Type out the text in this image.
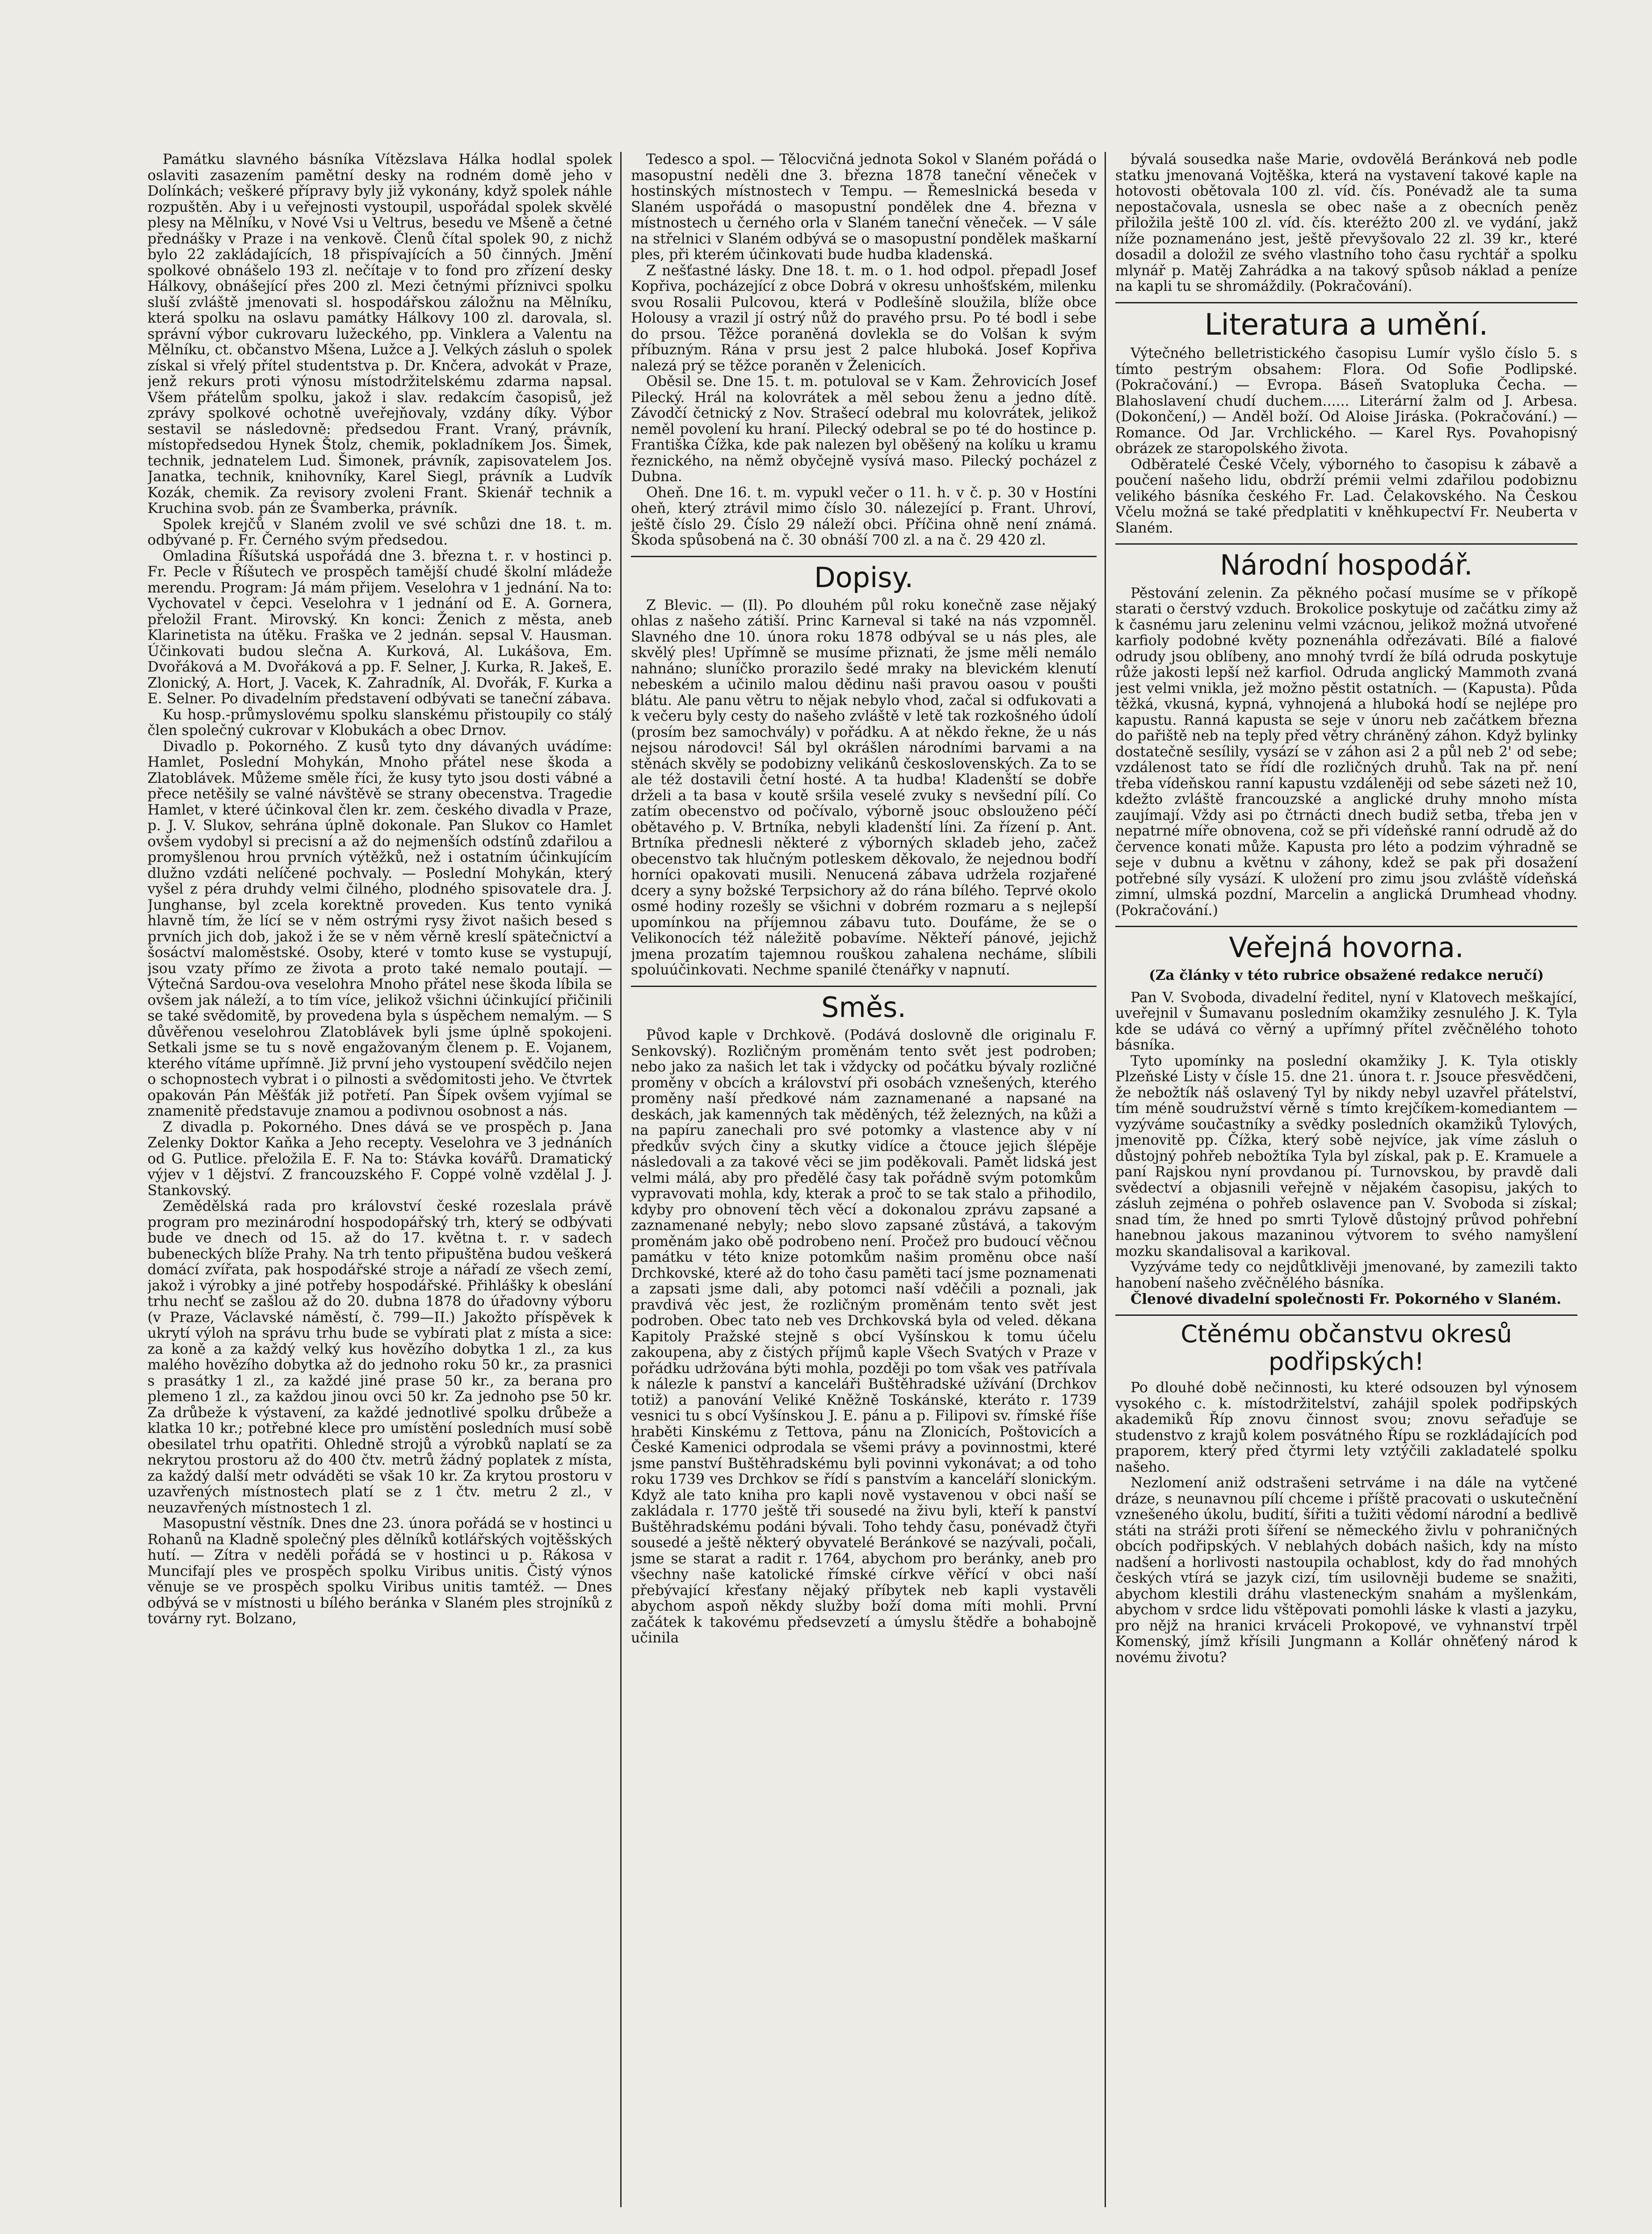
Památku slavného básníka Vítězslava Hálka hodlal spolek oslaviti zasazením pamětní desky na rodném domě jeho v Dolínkách; veškeré přípravy byly již vykonány, když spolek náhle rozpuštěn. Aby i u veřejnosti vystoupil, uspořádal spolek skvělé plesy na Mělníku, v Nové Vsi u Veltrus, besedu ve Mšeně a četné přednášky v Praze i na venkově. Členů čítal spolek 90, z nichž bylo 22 zakládajících, 18 přispívajících a 50 činných. Jmění spolkové obnášelo 193 zl. nečítaje v to fond pro zřízení desky Hálkovy, obnášející přes 200 zl. Mezi četnými příznivci spolku sluší zvláště jmenovati sl. hospodářskou záložnu na Mělníku, která spolku na oslavu památky Hálkovy 100 zl. darovala, sl. správní výbor cukrovaru lužeckého, pp. Vinklera a Valentu na Mělníku, ct. občanstvo Mšena, Lužce a J. Velkých zásluh o spolek získal si vřelý přítel studentstva p. Dr. Knčera, advokát v Praze, jenž rekurs proti výnosu místodržitelskému zdarma napsal. Všem přátelům spolku, jakož i slav. redakcím časopisů, jež zprávy spolkové ochotně uveřejňovaly, vzdány díky. Výbor sestavil se následovně: předsedou Frant. Vraný, právník, místopředsedou Hynek Štolz, chemik, pokladníkem Jos. Šimek, technik, jednatelem Lud. Šimonek, právník, zapisovatelem Jos. Janatka, technik, knihovníky, Karel Siegl, právník a Ludvík Kozák, chemik. Za revisory zvoleni Frant. Skienář technik a Kruchina svob. pán ze Švamberka, právník.

Spolek krejčů v Slaném zvolil ve své schůzi dne 18. t. m. odbývané p. Fr. Černého svým předsedou.

Omladina Říšutská uspořádá dne 3. března t. r. v hostinci p. Fr. Pecle v Říšutech ve prospěch tamější chudé školní mládeže merendu. Program: Já mám přijem. Veselohra v 1 jednání. Na to: Vychovatel v čepci. Veselohra v 1 jednání od E. A. Gornera, přeložil Frant. Mirovský. Kn konci: Ženich z města, aneb Klarinetista na útěku. Fraška ve 2 jednán. sepsal V. Hausman. Účinkovati budou slečna A. Kurková, Al. Lukášova, Em. Dvořáková a M. Dvořáková a pp. F. Selner, J. Kurka, R. Jakeš, E. Zlonický, A. Hort, J. Vacek, K. Zahradník, Al. Dvořák, F. Kurka a E. Selner. Po divadelním představení odbývati se taneční zábava.

Ku hosp.-průmyslovému spolku slanskému přistoupily co stálý člen společný cukrovar v Klobukách a obec Drnov.

Divadlo p. Pokorného. Z kusů tyto dny dávaných uvádíme: Hamlet, Poslední Mohykán, Mnoho přátel nese škoda a Zlatoblávek. Můžeme směle říci, že kusy tyto jsou dosti vábné a přece netěšily se valné návštěvě se strany obecenstva. Tragedie Hamlet, v které účinkoval člen kr. zem. českého divadla v Praze, p. J. V. Slukov, sehrána úplně dokonale. Pan Slukov co Hamlet ovšem vydobyl si precisní a až do nejmenších odstínů zdařilou a promyšlenou hrou prvních výtěžků, než i ostatním účinkujícím dlužno vzdáti nelíčené pochvaly. — Poslední Mohykán, který vyšel z péra druhdy velmi čilného, plodného spisovatele dra. J. Junghanse, byl zcela korektně proveden. Kus tento vyniká hlavně tím, že lící se v něm ostrými rysy život našich besed s prvních jich dob, jakož i že se v něm věrně kreslí spätečnictví a šosáctví maloměstské. Osoby, které v tomto kuse se vystupují, jsou vzaty přímo ze života a proto také nemalo poutají. — Výtečná Sardou-ova veselohra Mnoho přátel nese škoda líbila se ovšem jak náleží, a to tím více, jelikož všichni účinkující přičinili se také svědomitě, by provedena byla s úspěchem nemalým. — S důvěřenou veselohrou Zlatoblávek byli jsme úplně spokojeni. Setkali jsme se tu s nově engažovaným členem p. E. Vojanem, kterého vítáme upřímně. Již první jeho vystoupení svědčilo nejen o schopnostech vybrat i o pilnosti a svědomitosti jeho. Ve čtvrtek opakován Pán Měšťák již potřetí. Pan Šípek ovšem vyjímal se znamenitě představuje znamou a podivnou osobnost a nás.

Z divadla p. Pokorného. Dnes dává se ve prospěch p. Jana Zelenky Doktor Kaňka a Jeho recepty. Veselohra ve 3 jednáních od G. Putlice. přeložila E. F. Na to: Stávka kovářů. Dramatický výjev v 1 dějství. Z francouzského F. Coppé volně vzdělal J. J. Stankovský.

Zemědělská rada pro království české rozeslala právě program pro mezinárodní hospodopářský trh, který se odbývati bude ve dnech od 15. až do 17. května t. r. v sadech bubeneckých blíže Prahy. Na trh tento připuštěna budou veškerá domácí zvířata, pak hospodářské stroje a nářadí ze všech zemí, jakož i výrobky a jiné potřeby hospodářské. Přihlášky k obeslání trhu nechť se zašlou až do 20. dubna 1878 do úřadovny výboru (v Praze, Václavské náměstí, č. 799—II.) Jakožto příspěvek k ukrytí výloh na správu trhu bude se vybírati plat z místa a sice: za koně a za každý velký kus hovězího dobytka 1 zl., za kus malého hovězího dobytka až do jednoho roku 50 kr., za prasnici s prasátky 1 zl., za každé jiné prase 50 kr., za berana pro plemeno 1 zl., za každou jinou ovci 50 kr. Za jednoho pse 50 kr. Za drůbeže k výstavení, za každé jednotlivé spolku drůbeže a klatka 10 kr.; potřebné klece pro umístění posledních musí sobě obesilatel trhu opatřiti. Ohledně strojů a výrobků naplatí se za nekrytou prostoru až do 400 čtv. metrů žádný poplatek z místa, za každý další metr odváděti se však 10 kr. Za krytou prostoru v uzavřených místnostech platí se z 1 čtv. metru 2 zl., v neuzavřených místnostech 1 zl.

Masopustní věstník. Dnes dne 23. února pořádá se v hostinci u Rohanů na Kladně společný ples dělníků kotlářských vojtěšských hutí. — Zítra v neděli pořádá se v hostinci u p. Rákosa v Muncifají ples ve prospěch spolku Viribus unitis. Čistý výnos věnuje se ve prospěch spolku Viribus unitis tamtéž. — Dnes odbývá se v místnosti u bílého beránka v Slaném ples strojníků z továrny ryt. Bolzano,

Tedesco a spol. — Tělocvičná jednota Sokol v Slaném pořádá o masopustní neděli dne 3. března 1878 taneční věneček v hostinských místnostech v Tempu. — Řemeslnická beseda v Slaném uspořádá o masopustní pondělek dne 4. března v místnostech u černého orla v Slaném taneční věneček. — V sále na střelnici v Slaném odbývá se o masopustní pondělek maškarní ples, při kterém účinkovati bude hudba kladenská.

Z nešťastné lásky. Dne 18. t. m. o 1. hod odpol. přepadl Josef Kopřiva, pocházející z obce Dobrá v okresu unhošťském, milenku svou Rosalii Pulcovou, která v Podlešíně sloužila, blíže obce Holousy a vrazil jí ostrý nůž do pravého prsu. Po té bodl i sebe do prsou. Těžce poraněná dovlekla se do Volšan k svým příbuzným. Rána v prsu jest 2 palce hluboká. Josef Kopřiva nalezá prý se těžce poraněn v Želenicích.

Oběsil se. Dne 15. t. m. potuloval se v Kam. Žehrovicích Josef Pilecký. Hrál na kolovrátek a měl sebou ženu a jedno dítě. Závodčí četnický z Nov. Strašecí odebral mu kolovrátek, jelikož neměl povolení ku hraní. Pilecký odebral se po té do hostince p. Františka Čížka, kde pak nalezen byl oběšený na kolíku u kramu řeznického, na němž obyčejně vysívá maso. Pilecký pocházel z Dubna.

Oheň. Dne 16. t. m. vypukl večer o 11. h. v č. p. 30 v Hostíni oheň, který ztrávil mimo číslo 30. nálezející p. Frant. Uhroví, ještě číslo 29. Číslo 29 náleží obci. Příčina ohně není známá. Škoda spůsobená na č. 30 obnáší 700 zl. a na č. 29 420 zl.

Dopisy.

Z Blevic. — (Il). Po dlouhém půl roku konečně zase nějaký ohlas z našeho zátiší. Princ Karneval si také na nás vzpomněl. Slavného dne 10. února roku 1878 odbýval se u nás ples, ale skvělý ples! Upřímně se musíme přiznati, že jsme měli nemálo nahnáno; sluníčko prorazilo šedé mraky na blevickém klenutí nebeském a učinilo malou dědinu naši pravou oasou v poušti blátu. Ale panu větru to nějak nebylo vhod, začal si odfukovati a k večeru byly cesty do našeho zvláště v letě tak rozkošného údolí (prosím bez samochvály) v pořádku. A at někdo řekne, že u nás nejsou národovci! Sál byl okrášlen národními barvami a na stěnách skvěly se podobizny velikánů československých. Za to se ale též dostavili četní hosté. A ta hudba! Kladenští se dobře drželi a ta basa v koutě sršila veselé zvuky s nevšední pílí. Co zatím obecenstvo od počívalo, výborně jsouc obslouženo péčí obětavého p. V. Brtníka, nebyli kladenští líni. Za řízení p. Ant. Brtníka přednesli některé z výborných skladeb jeho, začež obecenstvo tak hlučným potleskem děkovalo, že nejednou bodří horníci opakovati musili. Nenucená zábava udržela rozjařené dcery a syny božské Terpsichory až do rána bílého. Teprvé okolo osmé hodiny rozešly se všichni v dobrém rozmaru a s nejlepší upomínkou na příjemnou zábavu tuto. Doufáme, že se o Velikonocích též náležitě pobavíme. Někteří pánové, jejichž jmena prozatím tajemnou rouškou zahalena necháme, slíbili spoluúčinkovati. Nechme spanilé čtenářky v napnutí.

Směs.

Původ kaple v Drchkově. (Podává doslovně dle originalu F. Senkovský). Rozličným proměnám tento svět jest podroben; nebo jako za našich let tak i vždycky od počátku bývaly rozličné proměny v obcích a království při osobách vznešených, kterého proměny naší předkové nám zaznamenané a napsané na deskách, jak kamenných tak měděných, též železných, na kůži a na papíru zanechali pro své potomky a vlastence aby v ní předkův svých činy a skutky vidíce a čtouce jejich šlépěje následovali a za takové věci se jim poděkovali. Pamět lidská jest velmi málá, aby pro předělé časy tak pořádně svým potomkům vypravovati mohla, kdy, kterak a proč to se tak stalo a přihodilo, kdyby pro obnovení těch věcí a dokonalou zprávu zapsané a zaznamenané nebyly; nebo slovo zapsané zůstává, a takovým proměnám jako obě podrobeno není. Pročež pro budoucí věčnou památku v této knize potomkům našim proměnu obce naší Drchkovské, které až do toho času paměti tací jsme poznamenati a zapsati jsme dali, aby potomci naší vděčili a poznali, jak pravdivá věc jest, že rozličným proměnám tento svět jest podroben. Obec tato neb ves Drchkovská byla od veled. děkana Kapitoly Pražské stejně s obcí Vyšínskou k tomu účelu zakoupena, aby z čistých příjmů kaple Všech Svatých v Praze v pořádku udržována býti mohla, později po tom však ves patřívala k nálezle k panství a kanceláři Buštěhradské užívání (Drchkov totiž) a panování Veliké Kněžně Toskánské, kteráto r. 1739 vesnici tu s obcí Vyšínskou J. E. pánu a p. Filipovi sv. římské říše hraběti Kinskému z Tettova, pánu na Zlonicích, Poštovicích a České Kamenici odprodala se všemi právy a povinnostmi, které jsme panství Buštěhradskému byli povinni vykonávat; a od toho roku 1739 ves Drchkov se řídí s panstvím a kanceláří slonickým. Když ale tato kniha pro kapli nově vystavenou v obci naší se zakládala r. 1770 ještě tři sousedé na živu byli, kteří k panství Buštěhradskému podáni bývali. Toho tehdy času, ponévadž čtyři sousedé a ještě některý obyvatelé Beránkové se nazývali, počali, jsme se starat a radit r. 1764, abychom pro beránky, aneb pro všechny naše katolické římské církve věřící v obci naší přebývající křesťany nějaký příbytek neb kapli vystavěli abychom aspoň někdy služby boží doma míti mohli. První začátek k takovému předsevzetí a úmyslu štědře a bohabojně učinila

bývalá sousedka naše Marie, ovdovělá Beránková neb podle statku jmenovaná Vojtěška, která na vystavení takové kaple na hotovosti obětovala 100 zl. víd. čís. Ponévadž ale ta suma nepostačovala, usnesla se obec naše a z obecních peněz přiložila ještě 100 zl. víd. čís. kteréžto 200 zl. ve vydání, jakž níže poznamenáno jest, ještě převyšovalo 22 zl. 39 kr., které dosadil a doložil ze svého vlastního toho času rychtář a spolku mlynář p. Matěj Zahrádka a na takový spůsob náklad a peníze na kapli tu se shromáždily. (Pokračování).

Literatura a umění.

Výtečného belletristického časopisu Lumír vyšlo číslo 5. s tímto pestrým obsahem: Flora. Od Sofie Podlipské. (Pokračování.) — Evropa. Báseň Svatopluka Čecha. — Blahoslavení chudí duchem...... Literární žalm od J. Arbesa. (Dokončení,) — Anděl boží. Od Aloise Jiráska. (Pokračování.) — Romance. Od Jar. Vrchlického. — Karel Rys. Povahopisný obrázek ze staropolského života.

Odběratelé České Včely, výborného to časopisu k zábavě a poučení našeho lidu, obdrží prémii velmi zdařilou podobiznu velikého básníka českého Fr. Lad. Čelakovského. Na Českou Včelu možná se také předplatiti v kněhkupectví Fr. Neuberta v Slaném.

Národní hospodář.

Pěstování zelenin. Za pěkného počasí musíme se v příkopě starati o čerstvý vzduch. Brokolice poskytuje od začátku zimy až k časnému jaru zeleninu velmi vzácnou, jelikož možná utvořené karfioly podobné květy poznenáhla odřezávati. Bílé a fialové odrudy jsou oblíbeny, ano mnohý tvrdí že bílá odruda poskytuje růže jakosti lepší než karfiol. Odruda anglický Mammoth zvaná jest velmi vnikla, jež možno pěstit ostatních. — (Kapusta). Půda těžká, vkusná, kypná, vyhnojená a hluboká hodí se nejlépe pro kapustu. Ranná kapusta se seje v únoru neb začátkem března do pařiště neb na teply před větry chráněný záhon. Když bylinky dostatečně sesílily, vysází se v záhon asi 2 a půl neb 2' od sebe; vzdálenost tato se řídí dle rozličných druhů. Tak na př. není třeba vídeňskou ranní kapustu vzdáleněji od sebe sázeti než 10, kdežto zvláště francouzské a anglické druhy mnoho místa zaujímají. Vždy asi po čtrnácti dnech budiž setba, třeba jen v nepatrné míře obnovena, což se při vídeňské ranní odrudě až do července konati může. Kapusta pro léto a podzim výhradně se seje v dubnu a květnu v záhony, kdež se pak při dosažení potřebné síly vysází. K uložení pro zimu jsou zvláště vídeňská zimní, ulmská pozdní, Marcelin a anglická Drumhead vhodny. (Pokračování.)

Veřejná hovorna.
(Za články v této rubrice obsažené redakce neručí)

Pan V. Svoboda, divadelní ředitel, nyní v Klatovech meškající, uveřejnil v Šumavanu posledním okamžiky zesnulého J. K. Tyla kde se udává co věrný a upřímný přítel zvěčnělého tohoto básníka.

Tyto upomínky na poslední okamžiky J. K. Tyla otiskly Plzeňské Listy v čísle 15. dne 21. února t. r. Jsouce přesvědčeni, že nebožtík náš oslavený Tyl by nikdy nebyl uzavřel přátelství, tím méně soudružství věrně s tímto krejčíkem-komediantem — vyzýváme součastníky a svědky posledních okamžiků Tylových, jmenovitě pp. Čížka, který sobě nejvíce, jak víme zásluh o důstojný pohřeb nebožtíka Tyla byl získal, pak p. E. Kramuele a paní Rajskou nyní provdanou pí. Turnovskou, by pravdě dali svědectví a objasnili veřejně v nějakém časopisu, jakých to zásluh zejména o pohřeb oslavence pan V. Svoboda si získal; snad tím, že hned po smrti Tylově důstojný průvod pohřební hanebnou jakous mazaninou výtvorem to svého namyšlení mozku skandalisoval a karikoval.

Vyzýváme tedy co nejdůtklivěji jmenované, by zamezili takto hanobení našeho zvěčnělého básníka.

Členové divadelní společnosti Fr. Pokorného v Slaném.

Ctěnému občanstvu okresů podřipských!

Po dlouhé době nečinnosti, ku které odsouzen byl výnosem vysokého c. k. místodržitelství, zahájil spolek podřipských akademiků Říp znovu činnost svou; znovu seřaďuje se studenstvo z krajů kolem posvátného Řípu se rozkládajících pod praporem, který před čtyrmi lety vztýčili zakladatelé spolku našeho.

Nezlomení aniž odstrašeni setrváme i na dále na vytčené dráze, s neunavnou pílí chceme i příště pracovati o uskutečnění vznešeného úkolu, budití, šířiti a tužiti vědomí národní a bedlivě státi na stráži proti šíření se německého živlu v pohraničných obcích podřipských. V neblahých dobách našich, kdy na místo nadšení a horlivosti nastoupila ochablost, kdy do řad mnohých českých vtírá se jazyk cizí, tím usilovněji budeme se snažiti, abychom klestili dráhu vlasteneckým snahám a myšlenkám, abychom v srdce lidu vštěpovati pomohli láske k vlasti a jazyku, pro nějž na hranici krváceli Prokopové, ve vyhnanství trpěl Komenský, jímž křísili Jungmann a Kollár ohněťený národ k novému životu?
